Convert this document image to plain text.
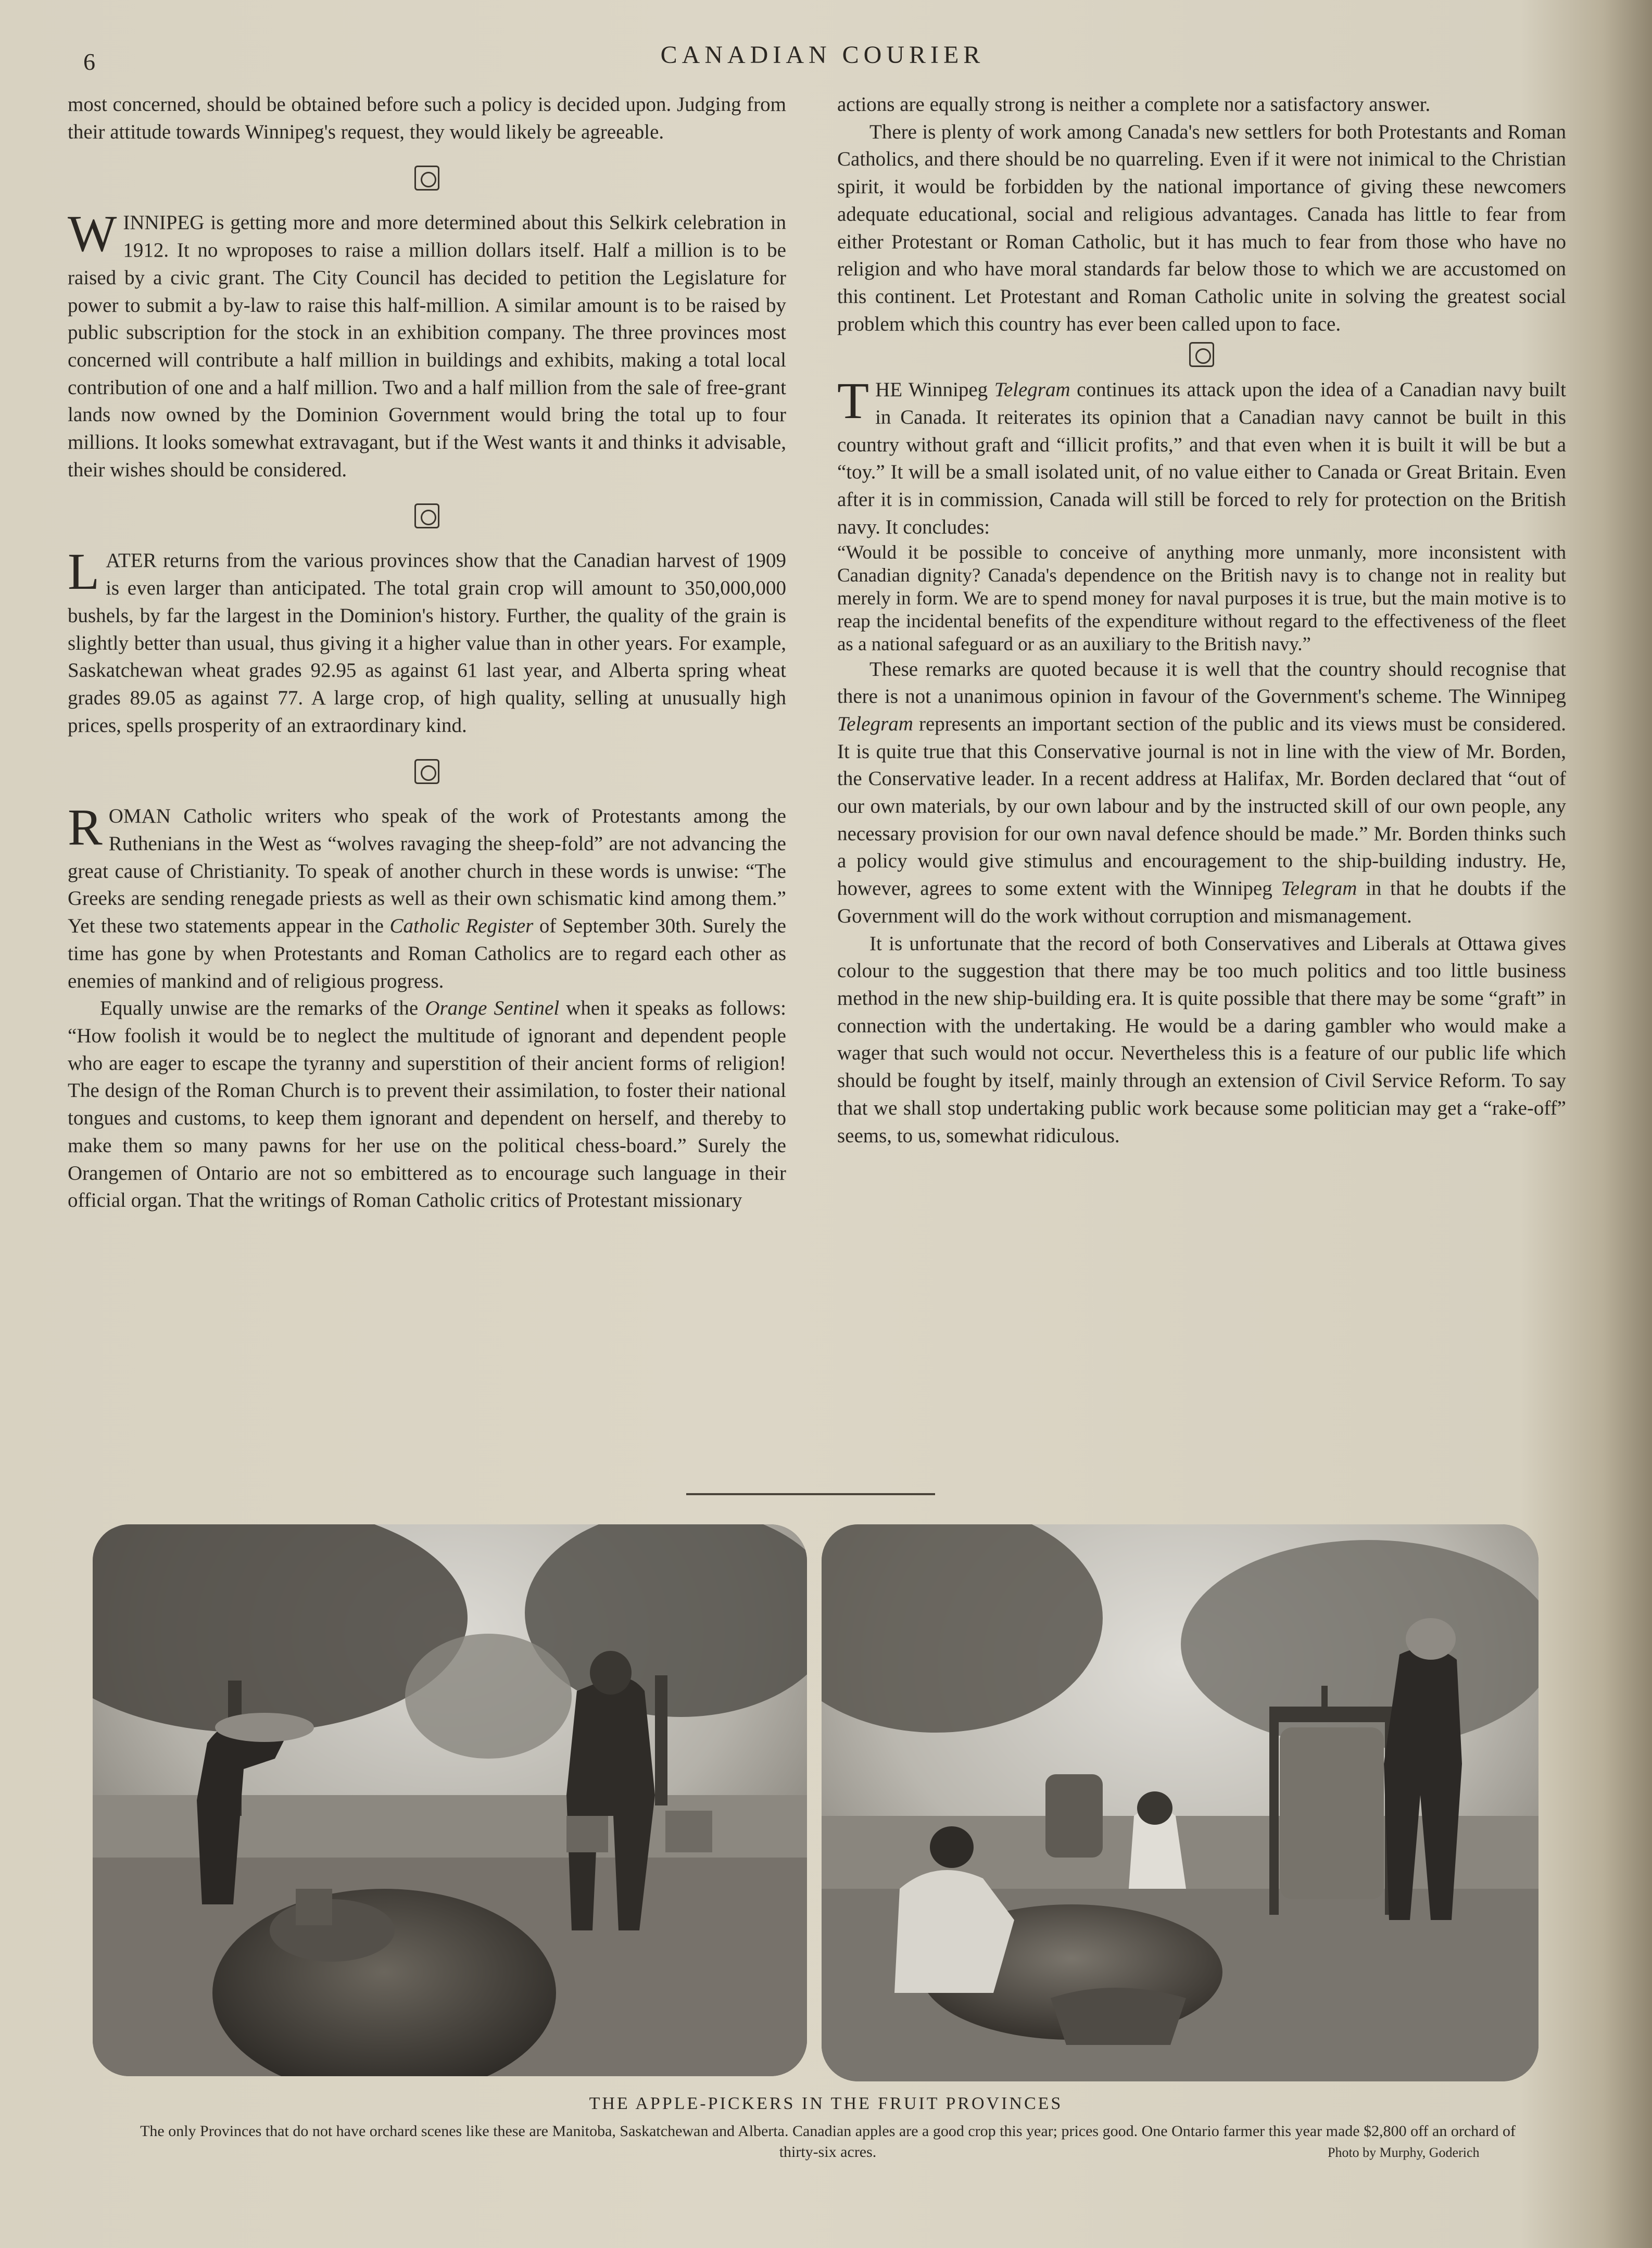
6	CANADIAN COURIER

most concerned, should be obtained before such a policy is decided upon. Judging from their attitude towards Winnipeg's request, they would likely be agreeable.

WINNIPEG is getting more and more determined about this Selkirk celebration in 1912. It no wproposes to raise a million dollars itself. Half a million is to be raised by a civic grant. The City Council has decided to petition the Legislature for power to submit a by-law to raise this half-million. A similar amount is to be raised by public subscription for the stock in an exhibition company. The three provinces most concerned will contribute a half million in buildings and exhibits, making a total local contribution of one and a half million. Two and a half million from the sale of free-grant lands now owned by the Dominion Government would bring the total up to four millions. It looks somewhat extravagant, but if the West wants it and thinks it advisable, their wishes should be considered.

LATER returns from the various provinces show that the Canadian harvest of 1909 is even larger than anticipated. The total grain crop will amount to 350,000,000 bushels, by far the largest in the Dominion's history. Further, the quality of the grain is slightly better than usual, thus giving it a higher value than in other years. For example, Saskatchewan wheat grades 92.95 as against 61 last year, and Alberta spring wheat grades 89.05 as against 77. A large crop, of high quality, selling at unusually high prices, spells prosperity of an extraordinary kind.

ROMAN Catholic writers who speak of the work of Protestants among the Ruthenians in the West as “wolves ravaging the sheep-fold” are not advancing the great cause of Christianity. To speak of another church in these words is unwise: “The Greeks are sending renegade priests as well as their own schismatic kind among them.” Yet these two statements appear in the Catholic Register of September 30th. Surely the time has gone by when Protestants and Roman Catholics are to regard each other as enemies of mankind and of religious progress.

Equally unwise are the remarks of the Orange Sentinel when it speaks as follows: “How foolish it would be to neglect the multitude of ignorant and dependent people who are eager to escape the tyranny and superstition of their ancient forms of religion! The design of the Roman Church is to prevent their assimilation, to foster their national tongues and customs, to keep them ignorant and dependent on herself, and thereby to make them so many pawns for her use on the political chess-board.” Surely the Orangemen of Ontario are not so embittered as to encourage such language in their official organ. That the writings of Roman Catholic critics of Protestant missionary

actions are equally strong is neither a complete nor a satisfactory answer.

There is plenty of work among Canada's new settlers for both Protestants and Roman Catholics, and there should be no quarreling. Even if it were not inimical to the Christian spirit, it would be forbidden by the national importance of giving these newcomers adequate educational, social and religious advantages. Canada has little to fear from either Protestant or Roman Catholic, but it has much to fear from those who have no religion and who have moral standards far below those to which we are accustomed on this continent. Let Protestant and Roman Catholic unite in solving the greatest social problem which this country has ever been called upon to face.

THE Winnipeg Telegram continues its attack upon the idea of a Canadian navy built in Canada. It reiterates its opinion that a Canadian navy cannot be built in this country without graft and “illicit profits,” and that even when it is built it will be but a “toy.” It will be a small isolated unit, of no value either to Canada or Great Britain. Even after it is in commission, Canada will still be forced to rely for protection on the British navy. It concludes:

“Would it be possible to conceive of anything more unmanly, more inconsistent with Canadian dignity? Canada's dependence on the British navy is to change not in reality but merely in form. We are to spend money for naval purposes it is true, but the main motive is to reap the incidental benefits of the expenditure without regard to the effectiveness of the fleet as a national safeguard or as an auxiliary to the British navy.”

These remarks are quoted because it is well that the country should recognise that there is not a unanimous opinion in favour of the Government's scheme. The Winnipeg Telegram represents an important section of the public and its views must be considered. It is quite true that this Conservative journal is not in line with the view of Mr. Borden, the Conservative leader. In a recent address at Halifax, Mr. Borden declared that “out of our own materials, by our own labour and by the instructed skill of our own people, any necessary provision for our own naval defence should be made.” Mr. Borden thinks such a policy would give stimulus and encouragement to the ship-building industry. He, however, agrees to some extent with the Winnipeg Telegram in that he doubts if the Government will do the work without corruption and mismanagement.

It is unfortunate that the record of both Conservatives and Liberals at Ottawa gives colour to the suggestion that there may be too much politics and too little business method in the new ship-building era. It is quite possible that there may be some “graft” in connection with the undertaking. He would be a daring gambler who would make a wager that such would not occur. Nevertheless this is a feature of our public life which should be fought by itself, mainly through an extension of Civil Service Reform. To say that we shall stop undertaking public work because some politician may get a “rake-off” seems, to us, somewhat ridiculous.

THE APPLE-PICKERS IN THE FRUIT PROVINCES
The only Provinces that do not have orchard scenes like these are Manitoba, Saskatchewan and Alberta. Canadian apples are a good crop this year; prices good. One Ontario farmer this year made $2,800 off an orchard of thirty-six acres.	Photo by Murphy, Goderich
